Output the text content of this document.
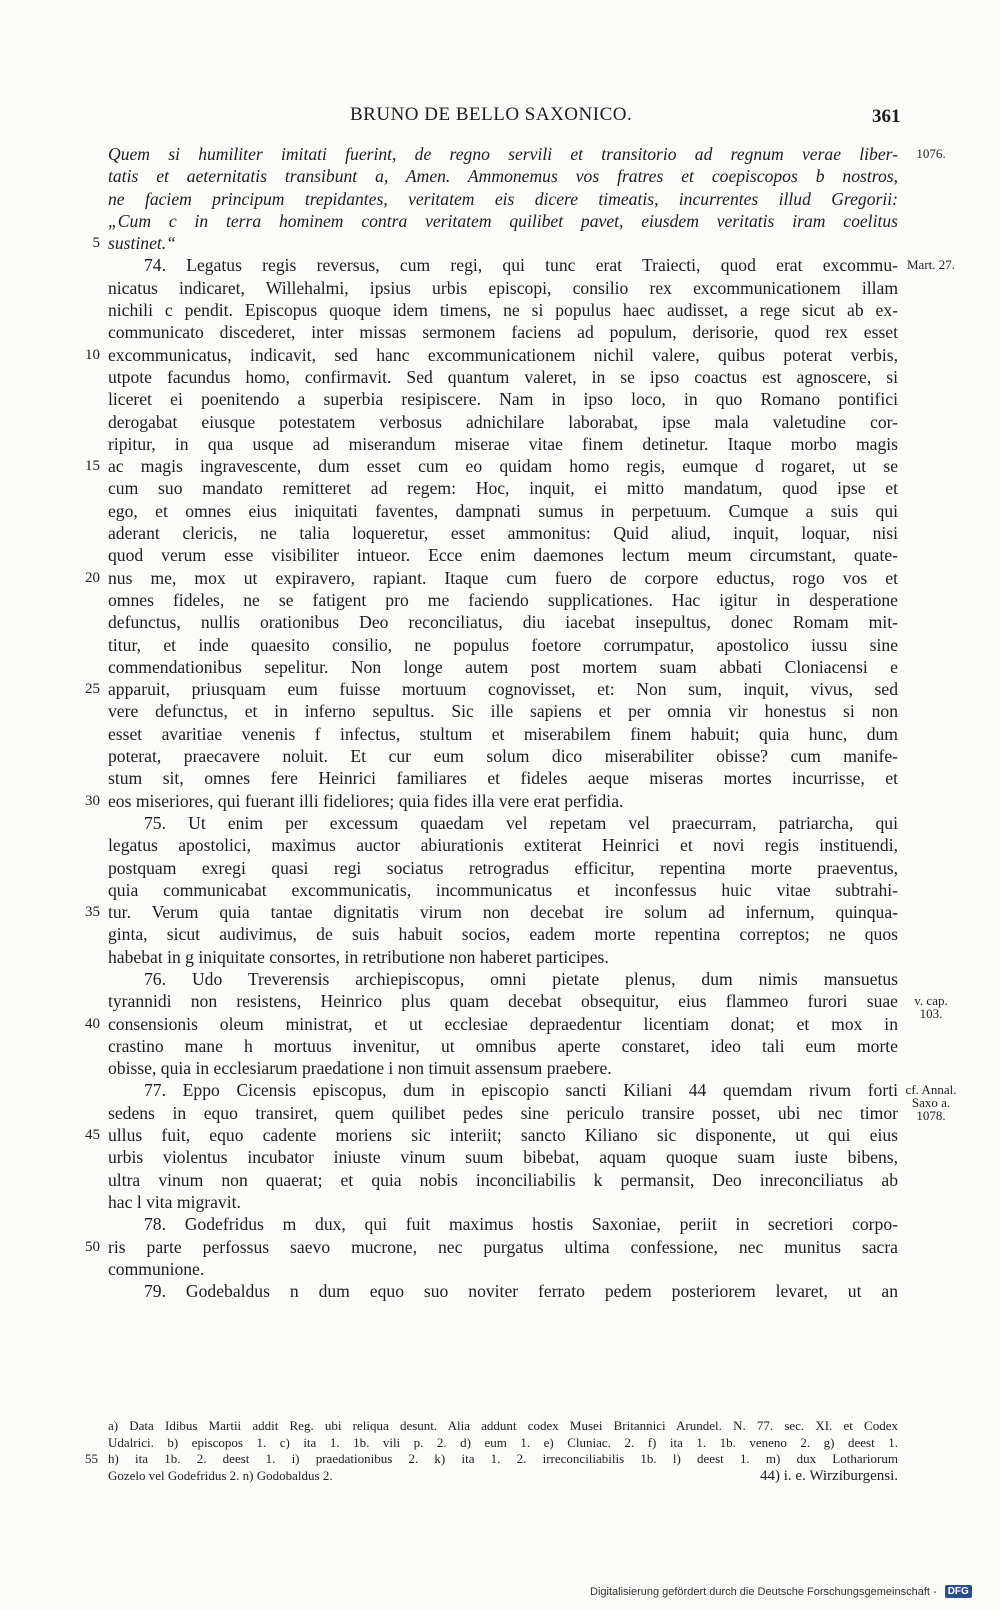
BRUNO DE BELLO SAXONICO.	361
Quem si humiliter imitati fuerint, de regno servili et transitorio ad regnum verae liber-	1076.
tatis et aeternitatis transibunt a, Amen. Ammonemus vos fratres et coepiscopos b nostros,
ne faciem principum trepidantes, veritatem eis dicere timeatis, incurrentes illud Gregorii:
„Cum c in terra hominem contra veritatem quilibet pavet, eiusdem veritatis iram coelitus
sustinet.“
5
74. Legatus regis reversus, cum regi, qui tunc erat Traiecti, quod erat excommu- Mart. 27.
nicatus indicaret, Willehalmi, ipsius urbis episcopi, consilio rex excommunicationem illam
nichili c pendit. Episcopus quoque idem timens, ne si populus haec audisset, a rege sicut ab ex-
communicato discederet, inter missas sermonem faciens ad populum, derisorie, quod rex esset
excommunicatus, indicavit, sed hanc excommunicationem nichil valere, quibus poterat verbis,
10
utpote facundus homo, confirmavit. Sed quantum valeret, in se ipso coactus est agnoscere, si
liceret ei poenitendo a superbia resipiscere. Nam in ipso loco, in quo Romano pontifici
derogabat eiusque potestatem verbosus adnichilare laborabat, ipse mala valetudine cor-
ripitur, in qua usque ad miserandum miserae vitae finem detinetur. Itaque morbo magis
ac magis ingravescente, dum esset cum eo quidam homo regis, eumque d rogaret, ut se
15
cum suo mandato remitteret ad regem: Hoc, inquit, ei mitto mandatum, quod ipse et
ego, et omnes eius iniquitati faventes, dampnati sumus in perpetuum. Cumque a suis qui
aderant clericis, ne talia loqueretur, esset ammonitus: Quid aliud, inquit, loquar, nisi
quod verum esse visibiliter intueor. Ecce enim daemones lectum meum circumstant, quate-
nus me, mox ut expiravero, rapiant. Itaque cum fuero de corpore eductus, rogo vos et
20
omnes fideles, ne se fatigent pro me faciendo supplicationes. Hac igitur in desperatione
defunctus, nullis orationibus Deo reconciliatus, diu iacebat insepultus, donec Romam mit-
titur, et inde quaesito consilio, ne populus foetore corrumpatur, apostolico iussu sine
commendationibus sepelitur. Non longe autem post mortem suam abbati Cloniacensi e
apparuit, priusquam eum fuisse mortuum cognovisset, et: Non sum, inquit, vivus, sed
25
vere defunctus, et in inferno sepultus. Sic ille sapiens et per omnia vir honestus si non
esset avaritiae venenis f infectus, stultum et miserabilem finem habuit; quia hunc, dum
poterat, praecavere noluit. Et cur eum solum dico miserabiliter obisse? cum manife-
stum sit, omnes fere Heinrici familiares et fideles aeque miseras mortes incurrisse, et
eos miseriores, qui fuerant illi fideliores; quia fides illa vere erat perfidia.
30
75. Ut enim per excessum quaedam vel repetam vel praecurram, patriarcha, qui
legatus apostolici, maximus auctor abiurationis extiterat Heinrici et novi regis instituendi,
postquam exregi quasi regi sociatus retrogradus efficitur, repentina morte praeventus,
quia communicabat excommunicatis, incommunicatus et inconfessus huic vitae subtrahi-
tur. Verum quia tantae dignitatis virum non decebat ire solum ad infernum, quinqua-
35
ginta, sicut audivimus, de suis habuit socios, eadem morte repentina correptos; ne quos
habebat in g iniquitate consortes, in retributione non haberet participes.
76. Udo Treverensis archiepiscopus, omni pietate plenus, dum nimis mansuetus
tyrannidi non resistens, Heinrico plus quam decebat obsequitur, eius flammeo furori suae	v. cap. 103.
consensionis oleum ministrat, et ut ecclesiae depraedentur licentiam donat; et mox in
40
crastino mane h mortuus invenitur, ut omnibus aperte constaret, ideo tali eum morte
obisse, quia in ecclesiarum praedatione i non timuit assensum praebere.
77. Eppo Cicensis episcopus, dum in episcopio sancti Kiliani 44 quemdam rivum forti cf. Annal. Saxo a. 1078.
sedens in equo transiret, quem quilibet pedes sine periculo transire posset, ubi nec timor
ullus fuit, equo cadente moriens sic interiit; sancto Kiliano sic disponente, ut qui eius
45
urbis violentus incubator iniuste vinum suum bibebat, aquam quoque suam iuste bibens,
ultra vinum non quaerat; et quia nobis inconciliabilis k permansit, Deo inreconciliatus ab
hac l vita migravit.
78. Godefridus m dux, qui fuit maximus hostis Saxoniae, periit in secretiori corpo-
ris parte perfossus saevo mucrone, nec purgatus ultima confessione, nec munitus sacra
50
communione.
79. Godebaldus n dum equo suo noviter ferrato pedem posteriorem levaret, ut an
a) Data Idibus Martii addit Reg. ubi reliqua desunt. Alia addunt codex Musei Britannici Arundel. N. 77. sec. XI. et Codex
Udalrici. b) episcopos 1. c) ita 1. 1b. vili p. 2. d) eum 1. e) Cluniac. 2. f) ita 1. 1b. veneno 2. g) deest 1.
h) ita 1b. 2. deest 1. i) praedationibus 2. k) ita 1. 2. irreconciliabilis 1b. l) deest 1. m) dux Lothariorum
55
Gozelo vel Godefridus 2. n) Godobaldus 2.	44) i. e. Wirziburgensi.
Digitalisierung gefördert durch die Deutsche Forschungsgemeinschaft - DFG
